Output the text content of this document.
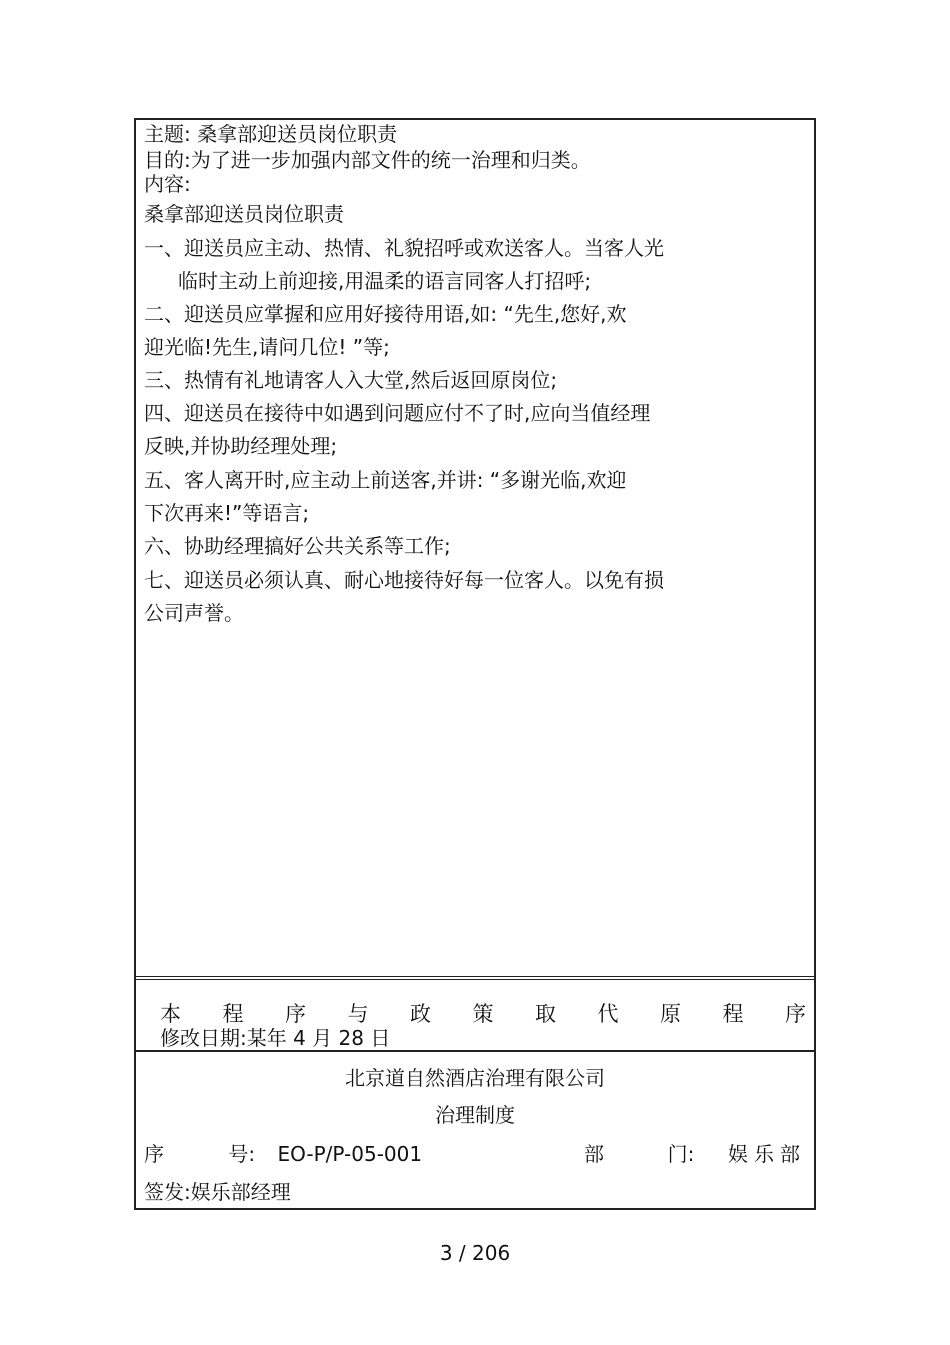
主题: 桑拿部迎送员岗位职责
目的:为了进一步加强内部文件的统一治理和归类。
内容:
桑拿部迎送员岗位职责
一、迎送员应主动、热情、礼貌招呼或欢送客人。当客人光
临时主动上前迎接,用温柔的语言同客人打招呼;
二、迎送员应掌握和应用好接待用语,如: “先生,您好,欢
迎光临!先生,请问几位! ”等;
三、热情有礼地请客人入大堂,然后返回原岗位;
四、迎送员在接待中如遇到问题应付不了时,应向当值经理
反映,并协助经理处理;
五、客人离开时,应主动上前送客,并讲: “多谢光临,欢迎
下次再来!”等语言;
六、协助经理搞好公共关系等工作;
七、迎送员必须认真、耐心地接待好每一位客人。以免有损
公司声誉。
本 程 序 与 政 策 取 代 原 程 序
修改日期:某年 4 月 28 日
北京道自然酒店治理有限公司
治理制度
序	号: EO-P/P-05-001	部          门: 娱乐部
签发:娱乐部经理
3 / 206
